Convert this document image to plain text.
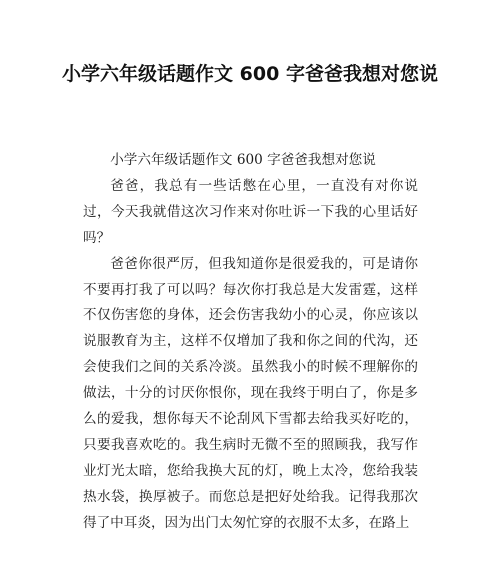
小学六年级话题作文 600 字爸爸我想对您说

小学六年级话题作文 600 字爸爸我想对您说

爸爸，我总有一些话憋在心里，一直没有对你说过，今天我就借这次习作来对你吐诉一下我的心里话好吗？

爸爸你很严厉，但我知道你是很爱我的，可是请你不要再打我了可以吗？每次你打我总是大发雷霆，这样不仅伤害您的身体，还会伤害我幼小的心灵，你应该以说服教育为主，这样不仅增加了我和你之间的代沟，还会使我们之间的关系冷淡。虽然我小的时候不理解你的做法，十分的讨厌你恨你，现在我终于明白了，你是多么的爱我，想你每天不论刮风下雪都去给我买好吃的，只要我喜欢吃的。我生病时无微不至的照顾我，我写作业灯光太暗，您给我换大瓦的灯，晚上太冷，您给我装热水袋，换厚被子。而您总是把好处给我。记得我那次得了中耳炎，因为出门太匆忙穿的衣服不太多，在路上
